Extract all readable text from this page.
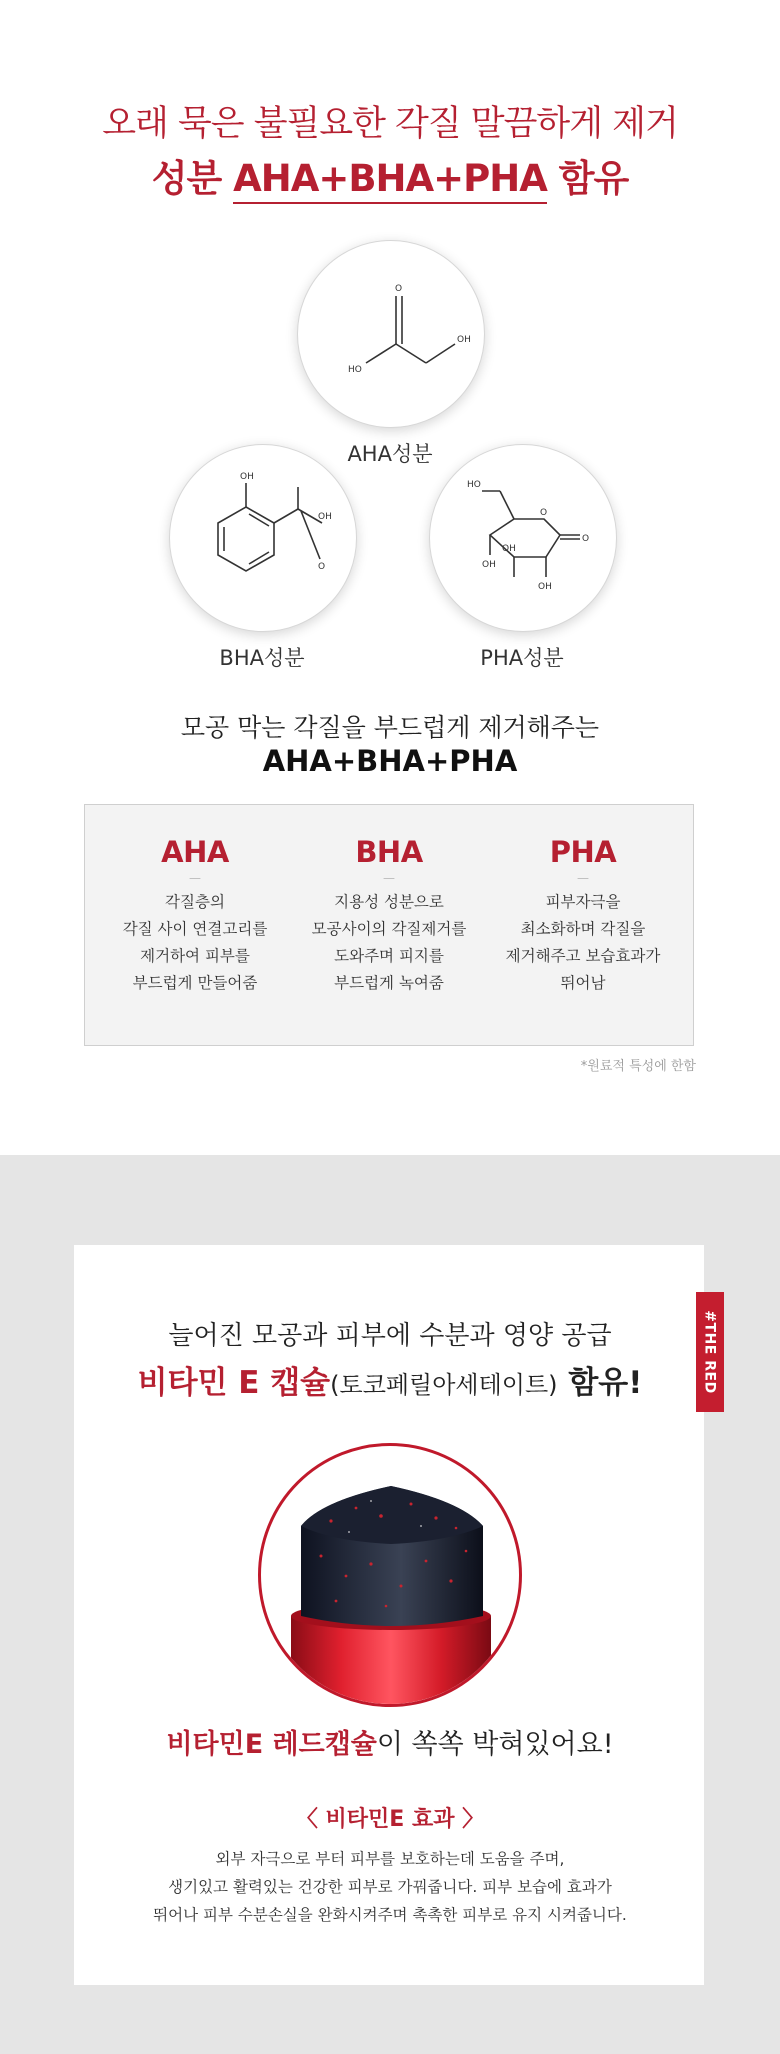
오래 묵은 불필요한 각질 말끔하게 제거
성분 AHA+BHA+PHA 함유
O
HO
OH
AHA성분
OH
OH
O
BHA성분
HO
O
O
OH
OH
OH
PHA성분
모공 막는 각질을 부드럽게 제거해주는
AHA+BHA+PHA
AHA
—
각질층의
각질 사이 연결고리를
제거하여 피부를
부드럽게 만들어줌
BHA
—
지용성 성분으로
모공사이의 각질제거를
도와주며 피지를
부드럽게 녹여줌
PHA
—
피부자극을
최소화하며 각질을
제거해주고 보습효과가
뛰어남
*원료적 특성에 한함
#THE RED
늘어진 모공과 피부에 수분과 영양 공급
비타민 E 캡슐(토코페릴아세테이트) 함유!
비타민E 레드캡슐이 쏙쏙 박혀있어요!
〈 비타민E 효과 〉
외부 자극으로 부터 피부를 보호하는데 도움을 주며,
생기있고 활력있는 건강한 피부로 가꿔줍니다. 피부 보습에 효과가
뛰어나 피부 수분손실을 완화시켜주며 촉촉한 피부로 유지 시켜줍니다.
